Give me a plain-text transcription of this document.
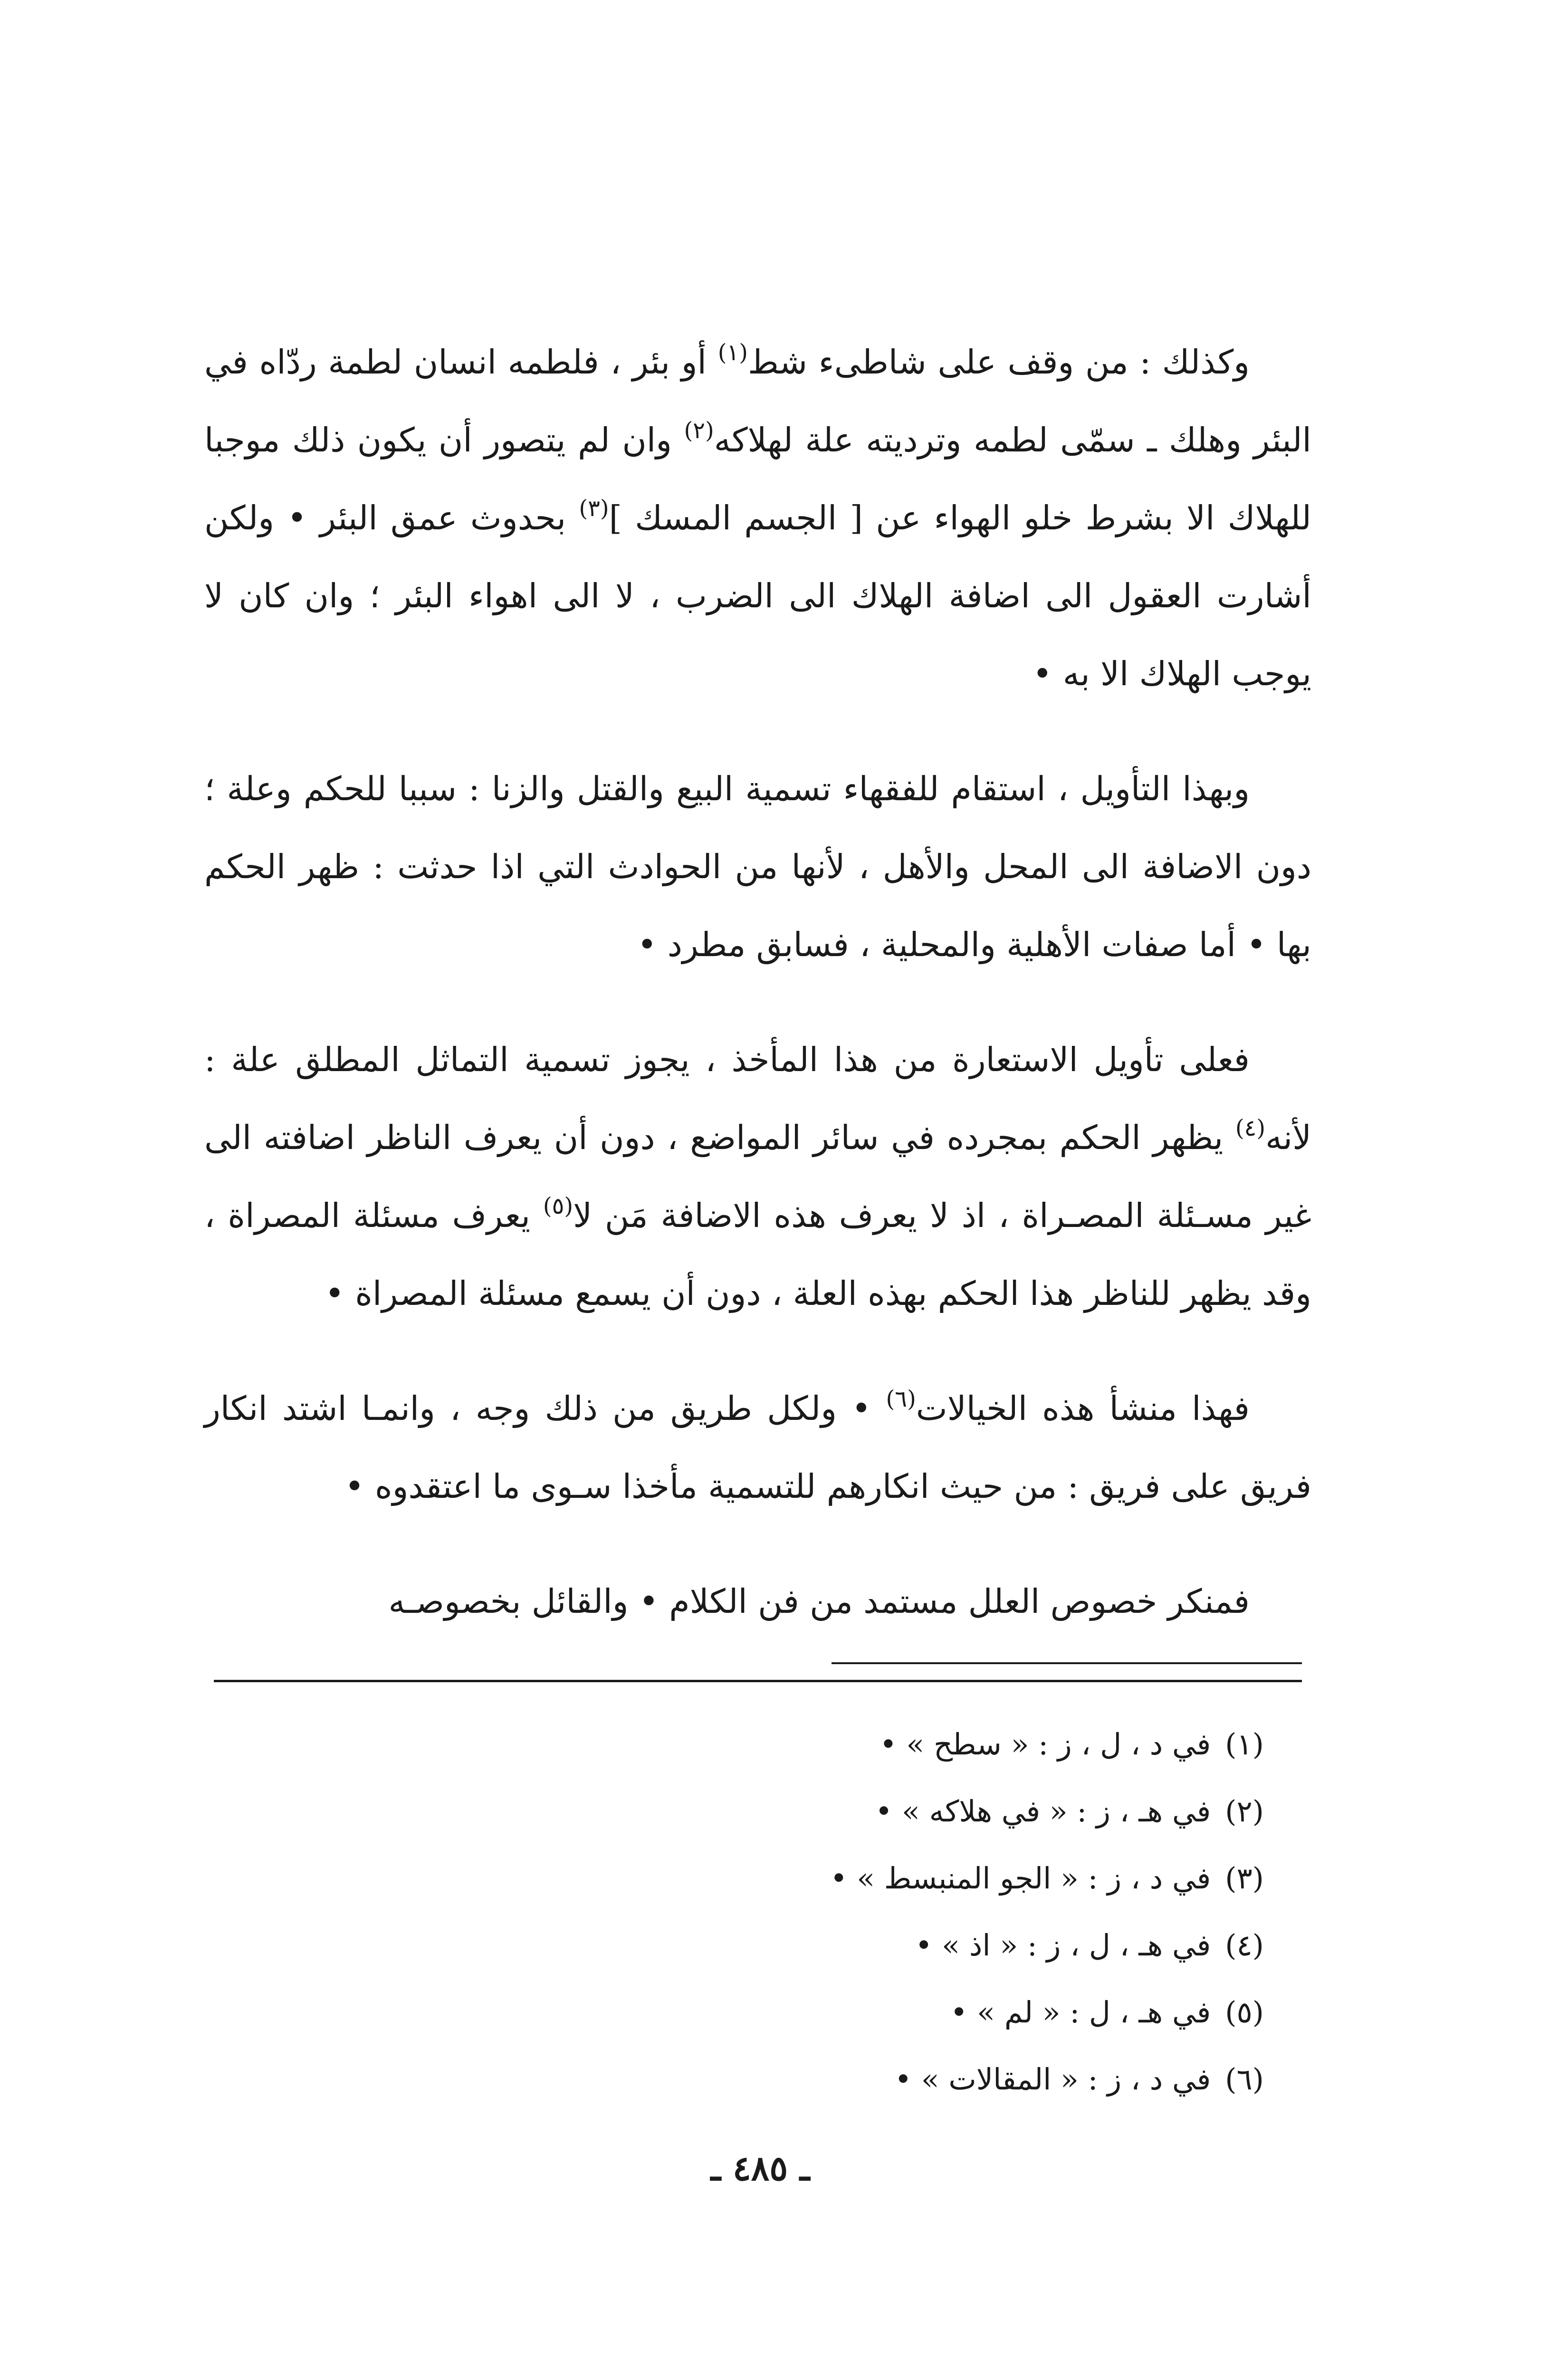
وكذلك : من وقف على شاطىء شط$^{(١)}$ أو بئر ، فلطمه انسان لطمة ردّاه في البئر وهلك ـ سمّى لطمه وترديته علة لهلاكه$^{(٢)}$ وان لم يتصور أن يكون ذلك موجبا للهلاك الا بشرط خلو الهواء عن [ الجسم المسك ]$^{(٣)}$ بحدوث عمق البئر • ولكن أشارت العقول الى اضافة الهلاك الى الضرب ، لا الى اهواء البئر ؛ وان كان لا يوجب الهلاك الا به •

وبهذا التأويل ، استقام للفقهاء تسمية البيع والقتل والزنا : سببا للحكم وعلة ؛ دون الاضافة الى المحل والأهل ، لأنها من الحوادث التي اذا حدثت : ظهر الحكم بها • أما صفات الأهلية والمحلية ، فسابق مطرد •

فعلى تأويل الاستعارة من هذا المأخذ ، يجوز تسمية التماثل المطلق علة : لأنه$^{(٤)}$ يظهر الحكم بمجرده في سائر المواضع ، دون أن يعرف الناظر اضافته الى غير مسـئلة المصـراة ، اذ لا يعرف هذه الاضافة مَن لا$^{(٥)}$ يعرف مسئلة المصراة ، وقد يظهر للناظر هذا الحكم بهذه العلة ، دون أن يسمع مسئلة المصراة •

فهذا منشأ هذه الخيالات$^{(٦)}$ • ولكل طريق من ذلك وجه ، وانمـا اشتد انكار فريق على فريق : من حيث انكارهم للتسمية مأخذا سـوى ما اعتقدوه •

فمنكر خصوص العلل مستمد من فن الكلام • والقائل بخصوصـه

(١)في د ، ل ، ز : « سطح » •
(٢)في هـ ، ز : « في هلاكه » •
(٣)في د ، ز : « الجو المنبسط » •
(٤)في هـ ، ل ، ز : « اذ » •
(٥)في هـ ، ل : « لم » •
(٦)في د ، ز : « المقالات » •
ـ ٤٨٥ ـ
